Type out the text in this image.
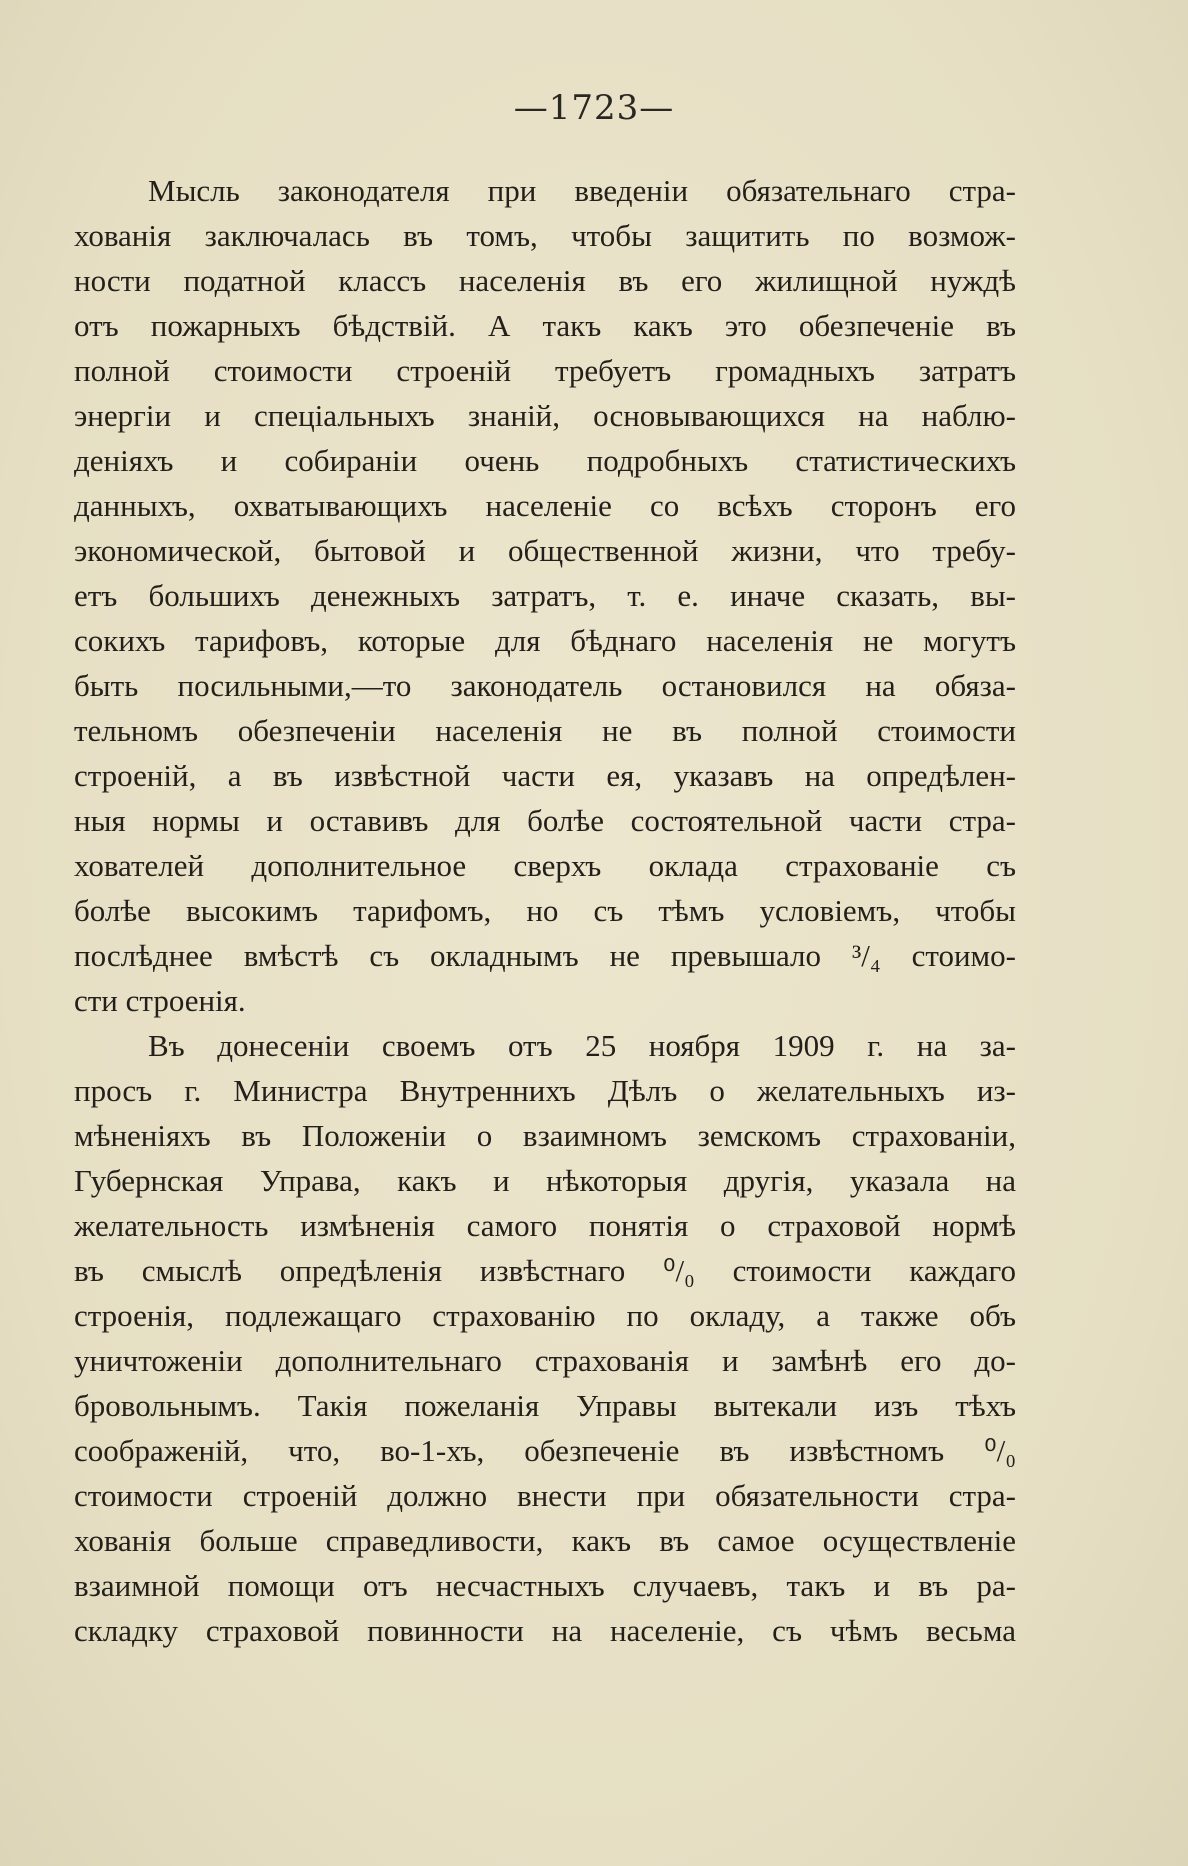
—1723—
Мысль законодателя при введеніи обязательнаго стра-
хованія заключалась въ томъ, чтобы защитить по возмож-
ности податной классъ населенія въ его жилищной нуждѣ
отъ пожарныхъ бѣдствій. А такъ какъ это обезпеченіе въ
полной стоимости строеній требуетъ громадныхъ затратъ
энергіи и спеціальныхъ знаній, основывающихся на наблю-
деніяхъ и собираніи очень подробныхъ статистическихъ
данныхъ, охватывающихъ населеніе со всѣхъ сторонъ его
экономической, бытовой и общественной жизни, что требу-
етъ большихъ денежныхъ затратъ, т. е. иначе сказать, вы-
сокихъ тарифовъ, которые для бѣднаго населенія не могутъ
быть посильными,—то законодатель остановился на обяза-
тельномъ обезпеченіи населенія не въ полной стоимости
строеній, а въ извѣстной части ея, указавъ на опредѣлен-
ныя нормы и оставивъ для болѣе состоятельной части стра-
хователей дополнительное сверхъ оклада страхованіе съ
болѣе высокимъ тарифомъ, но съ тѣмъ условіемъ, чтобы
послѣднее вмѣстѣ съ окладнымъ не превышало ³/₄ стоимо-
сти строенія.
Въ донесеніи своемъ отъ 25 ноября 1909 г. на за-
просъ г. Министра Внутреннихъ Дѣлъ о желательныхъ из-
мѣненіяхъ въ Положеніи о взаимномъ земскомъ страхованіи,
Губернская Управа, какъ и нѣкоторыя другія, указала на
желательность измѣненія самого понятія о страховой нормѣ
въ смыслѣ опредѣленія извѣстнаго ⁰/₀ стоимости каждаго
строенія, подлежащаго страхованію по окладу, а также объ
уничтоженіи дополнительнаго страхованія и замѣнѣ его до-
бровольнымъ. Такія пожеланія Управы вытекали изъ тѣхъ
соображеній, что, во-1-хъ, обезпеченіе въ извѣстномъ ⁰/₀
стоимости строеній должно внести при обязательности стра-
хованія больше справедливости, какъ въ самое осуществленіе
взаимной помощи отъ несчастныхъ случаевъ, такъ и въ ра-
складку страховой повинности на населеніе, съ чѣмъ весьма
